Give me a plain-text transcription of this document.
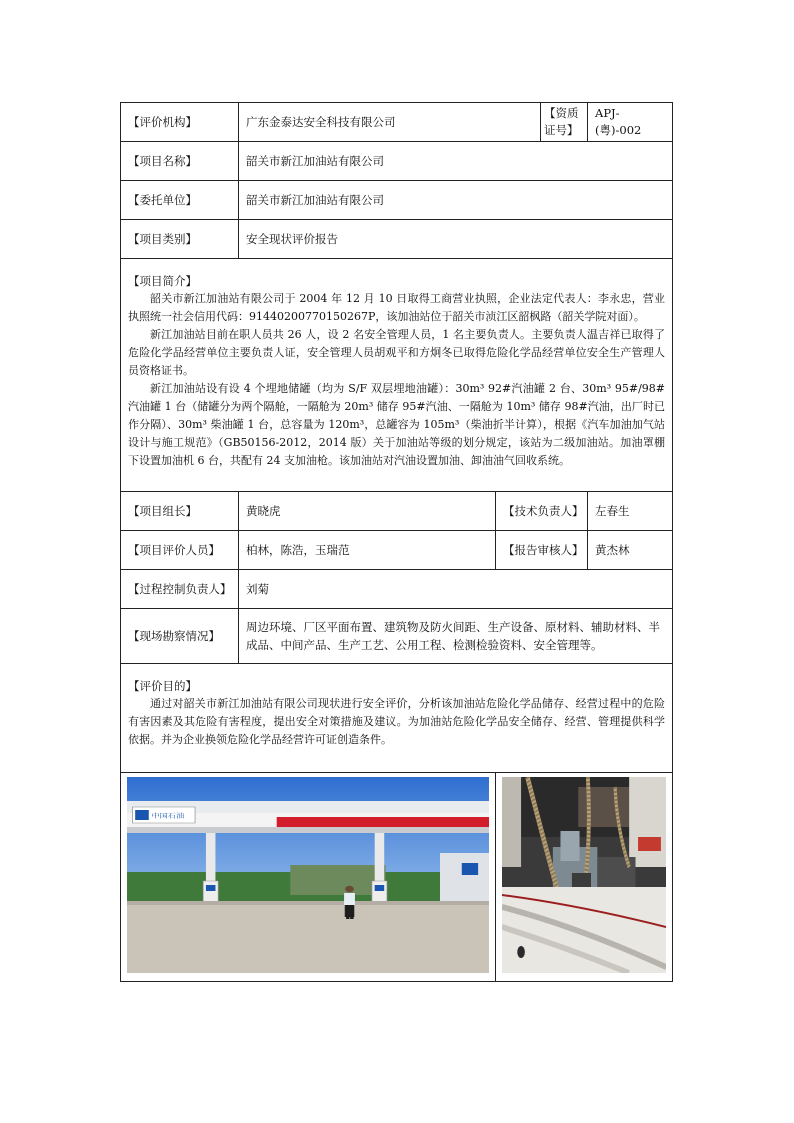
【评价机构】	广东金泰达安全科技有限公司		【资质证号】	APJ-(粤)-002
【项目名称】	韶关市新江加油站有限公司			
【委托单位】	韶关市新江加油站有限公司			
【项目类别】	安全现状评价报告			

【项目简介】

韶关市新江加油站有限公司于 2004 年 12 月 10 日取得工商营业执照，企业法定代表人：李永忠，营业执照统一社会信用代码：91440200770150267P，该加油站位于韶关市浈江区韶枫路（韶关学院对面）。

新江加油站目前在职人员共 26 人，设 2 名安全管理人员，1 名主要负责人。主要负责人温吉祥已取得了危险化学品经营单位主要负责人证，安全管理人员胡观平和方炯冬已取得危险化学品经营单位安全生产管理人员资格证书。

新江加油站设有设 4 个埋地储罐（均为 S/F 双层埋地油罐）：30m³ 92#汽油罐 2 台、30m³ 95#/98#汽油罐 1 台（储罐分为两个隔舱，一隔舱为 20m³ 储存 95#汽油、一隔舱为 10m³ 储存 98#汽油，出厂时已作分隔）、30m³ 柴油罐 1 台，总容量为 120m³，总罐容为 105m³（柴油折半计算），根据《汽车加油加气站设计与施工规范》（GB50156-2012，2014 版）关于加油站等级的划分规定，该站为二级加油站。加油罩棚下设置加油机 6 台，共配有 24 支加油枪。该加油站对汽油设置加油、卸油油气回收系统。				

【项目组长】	黄晓虎	【技术负责人】		左春生
【项目评价人员】	柏林，陈浩，玉瑞范	【报告审核人】		黄杰林
【过程控制负责人】	刘菊			
【现场勘察情况】	周边环境、厂区平面布置、建筑物及防火间距、生产设备、原材料、辅助材料、半成品、中间产品、生产工艺、公用工程、检测检验资料、安全管理等。			

【评价目的】

通过对韶关市新江加油站有限公司现状进行安全评价，分析该加油站危险化学品储存、经营过程中的危险有害因素及其危险有害程度，提出安全对策措施及建议。为加油站危险化学品安全储存、经营、管理提供科学依据。并为企业换领危险化学品经营许可证创造条件。				

中国石油
